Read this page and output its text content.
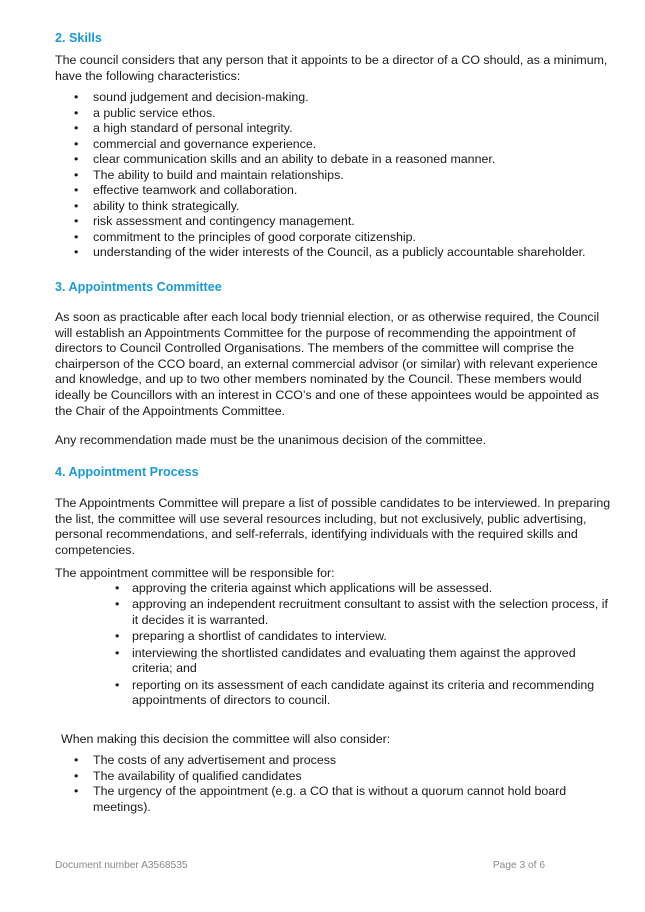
2. Skills

The council considers that any person that it appoints to be a director of a CO should, as a minimum,
have the following characteristics:

• sound judgement and decision-making.
• a public service ethos.
• a high standard of personal integrity.
• commercial and governance experience.
• clear communication skills and an ability to debate in a reasoned manner.
• The ability to build and maintain relationships.
• effective teamwork and collaboration.
• ability to think strategically.
• risk assessment and contingency management.
• commitment to the principles of good corporate citizenship.
• understanding of the wider interests of the Council, as a publicly accountable shareholder.
3. Appointments Committee

As soon as practicable after each local body triennial election, or as otherwise required, the Council
will establish an Appointments Committee for the purpose of recommending the appointment of
directors to Council Controlled Organisations. The members of the committee will comprise the
chairperson of the CCO board, an external commercial advisor (or similar) with relevant experience
and knowledge, and up to two other members nominated by the Council. These members would
ideally be Councillors with an interest in CCO’s and one of these appointees would be appointed as
the Chair of the Appointments Committee.

Any recommendation made must be the unanimous decision of the committee.

4. Appointment Process

The Appointments Committee will prepare a list of possible candidates to be interviewed. In preparing
the list, the committee will use several resources including, but not exclusively, public advertising,
personal recommendations, and self-referrals, identifying individuals with the required skills and
competencies.

The appointment committee will be responsible for:

• approving the criteria against which applications will be assessed.
• approving an independent recruitment consultant to assist with the selection process, if
it decides it is warranted.
• preparing a shortlist of candidates to interview.
• interviewing the shortlisted candidates and evaluating them against the approved
criteria; and
• reporting on its assessment of each candidate against its criteria and recommending
appointments of directors to council.

When making this decision the committee will also consider:

• The costs of any advertisement and process
• The availability of qualified candidates
• The urgency of the appointment (e.g. a CO that is without a quorum cannot hold board
meetings).

Document number A3568535	Page 3 of 6
